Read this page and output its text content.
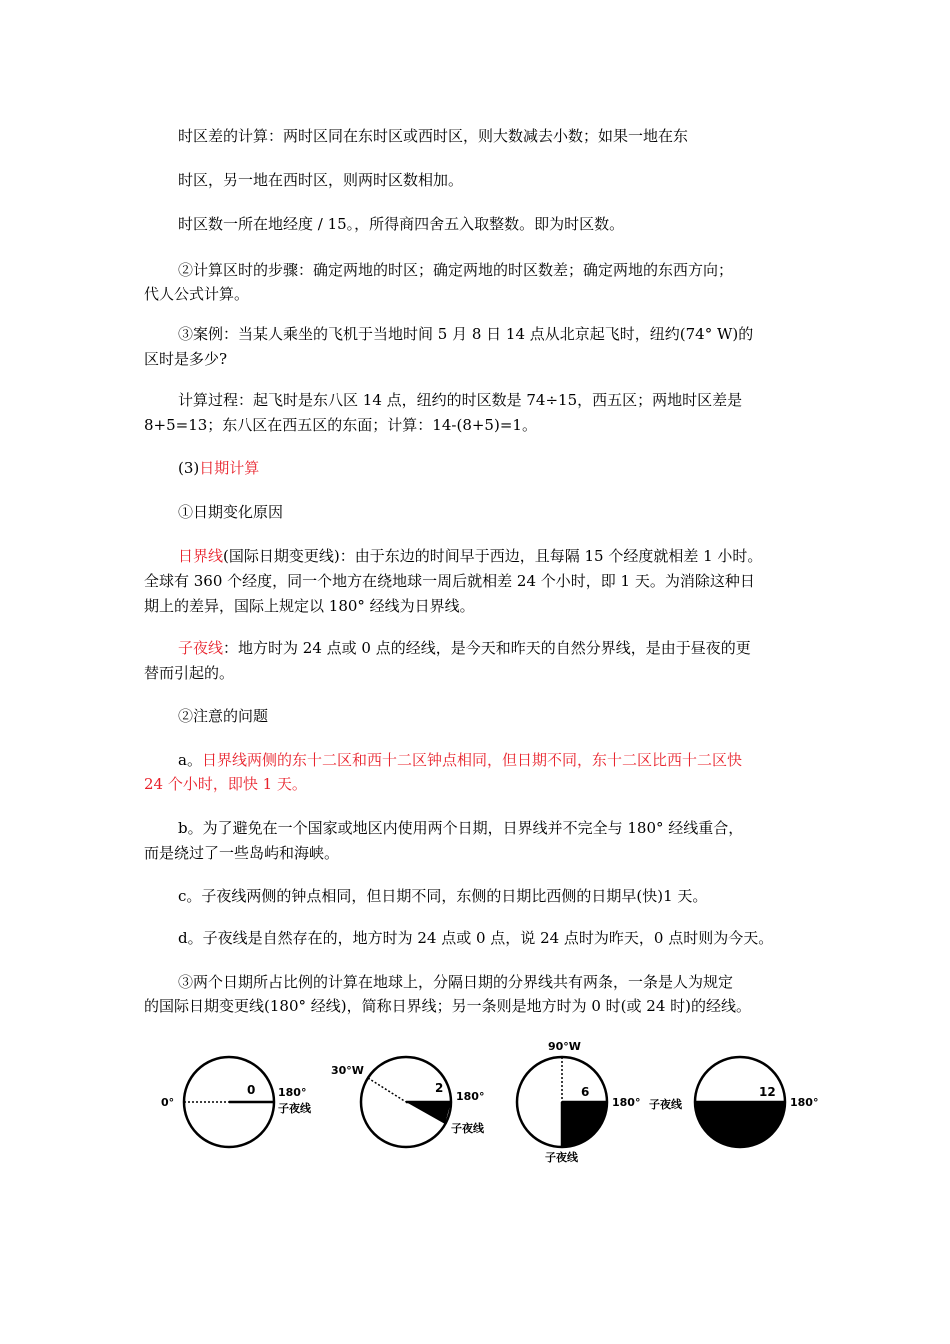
时区差的计算：两时区同在东时区或西时区，则大数减去小数；如果一地在东

时区，另一地在西时区，则两时区数相加。

时区数一所在地经度 / 15。，所得商四舍五入取整数。即为时区数。

②计算区时的步骤：确定两地的时区；确定两地的时区数差；确定两地的东西方向；

代人公式计算。

③案例：当某人乘坐的飞机于当地时间 5 月 8 日 14 点从北京起飞时，纽约(74° W)的

区时是多少?

计算过程：起飞时是东八区 14 点，纽约的时区数是 74÷15，西五区；两地时区差是

8+5=13；东八区在西五区的东面；计算：14-(8+5)=1。

(3)日期计算

①日期变化原因

日界线(国际日期变更线)：由于东边的时间早于西边，且每隔 15 个经度就相差 1 小时。

全球有 360 个经度，同一个地方在绕地球一周后就相差 24 个小时，即 1 天。为消除这种日

期上的差异，国际上规定以 180° 经线为日界线。

子夜线：地方时为 24 点或 0 点的经线，是今天和昨天的自然分界线，是由于昼夜的更

替而引起的。

②注意的问题

a。日界线两侧的东十二区和西十二区钟点相同，但日期不同，东十二区比西十二区快

24 个小时，即快 1 天。

b。为了避免在一个国家或地区内使用两个日期，日界线并不完全与 180° 经线重合，

而是绕过了一些岛屿和海峡。

c。子夜线两侧的钟点相同，但日期不同，东侧的日期比西侧的日期早(快)1 天。

d。子夜线是自然存在的，地方时为 24 点或 0 点，说 24 点时为昨天，0 点时则为今天。

③两个日期所占比例的计算在地球上，分隔日期的分界线共有两条，一条是人为规定

的国际日期变更线(180° 经线)，简称日界线；另一条则是地方时为 0 时(或 24 时)的经线。

0°
0 180°
子夜线
30°W
2
180°
子夜线
90°W
6
180°
子夜线
子夜线
12
180°
